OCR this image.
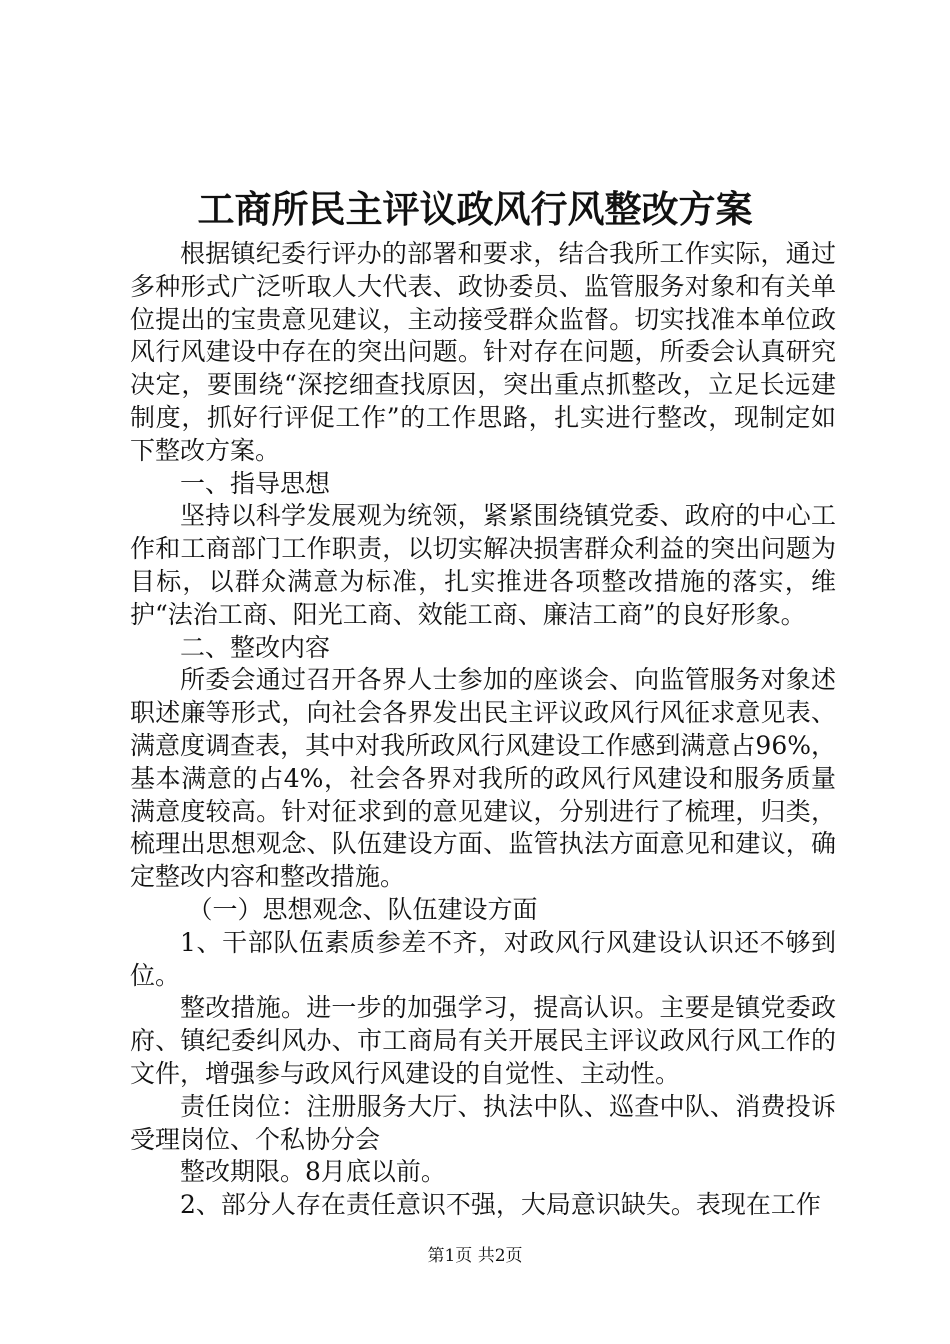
工商所民主评议政风行风整改方案

根据镇纪委行评办的部署和要求，结合我所工作实际，通过多种形式广泛听取人大代表、政协委员、监管服务对象和有关单位提出的宝贵意见建议，主动接受群众监督。切实找准本单位政风行风建设中存在的突出问题。针对存在问题，所委会认真研究决定，要围绕“深挖细查找原因，突出重点抓整改，立足长远建制度，抓好行评促工作”的工作思路，扎实进行整改，现制定如下整改方案。

一、指导思想

坚持以科学发展观为统领，紧紧围绕镇党委、政府的中心工作和工商部门工作职责，以切实解决损害群众利益的突出问题为目标，以群众满意为标准，扎实推进各项整改措施的落实，维护“法治工商、阳光工商、效能工商、廉洁工商”的良好形象。

二、整改内容

所委会通过召开各界人士参加的座谈会、向监管服务对象述职述廉等形式，向社会各界发出民主评议政风行风征求意见表、满意度调查表，其中对我所政风行风建设工作感到满意占96%，基本满意的占4%，社会各界对我所的政风行风建设和服务质量满意度较高。针对征求到的意见建议，分别进行了梳理，归类，梳理出思想观念、队伍建设方面、监管执法方面意见和建议，确定整改内容和整改措施。

（一）思想观念、队伍建设方面

1、干部队伍素质参差不齐，对政风行风建设认识还不够到位。

整改措施。进一步的加强学习，提高认识。主要是镇党委政府、镇纪委纠风办、市工商局有关开展民主评议政风行风工作的文件，增强参与政风行风建设的自觉性、主动性。

责任岗位：注册服务大厅、执法中队、巡查中队、消费投诉受理岗位、个私协分会

整改期限。8月底以前。

2、部分人存在责任意识不强，大局意识缺失。表现在工作

第1页 共2页
